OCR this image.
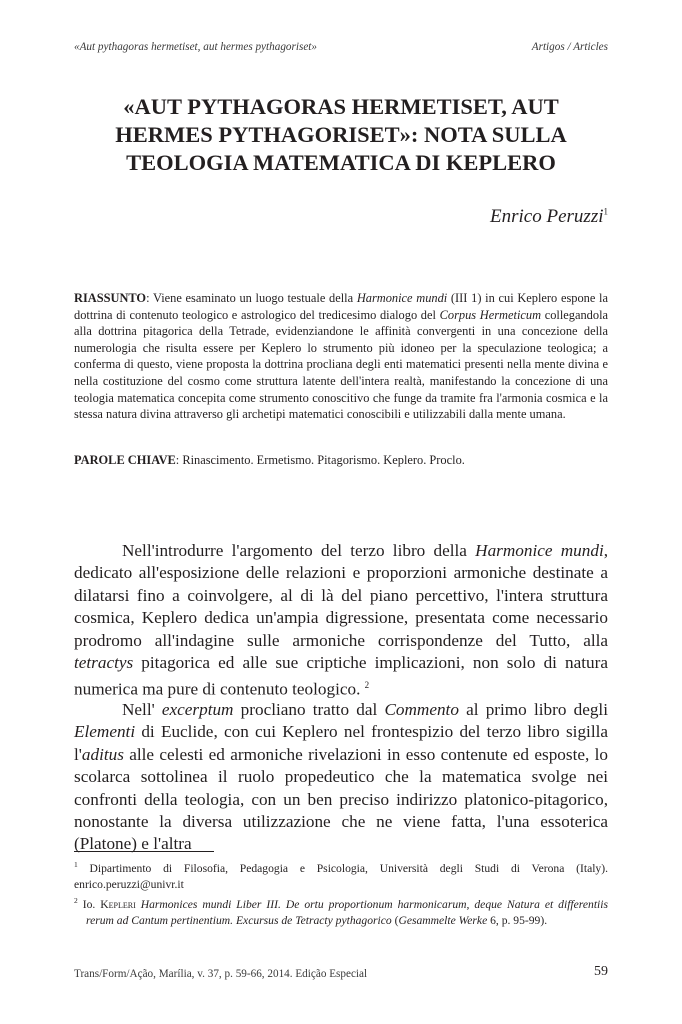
«Aut pythagoras hermetiset, aut hermes pythagoriset»	Artigos / Articles
«AUT PYTHAGORAS HERMETISET, AUT
HERMES PYTHAGORISET»: NOTA SULLA
TEOLOGIA MATEMATICA DI KEPLERO
Enrico Peruzzi$^1$

RIASSUNTO: Viene esaminato un luogo testuale della Harmonice mundi (III 1) in cui Keplero espone la dottrina di contenuto teologico e astrologico del tredicesimo dialogo del Corpus Hermeticum collegandola alla dottrina pitagorica della Tetrade, evidenziandone le affinità convergenti in una concezione della numerologia che risulta essere per Keplero lo strumento più idoneo per la speculazione teologica; a conferma di questo, viene proposta la dottrina procliana degli enti matematici presenti nella mente divina e nella costituzione del cosmo come struttura latente dell'intera realtà, manifestando la concezione di una teologia matematica concepita come strumento conoscitivo che funge da tramite fra l'armonia cosmica e la stessa natura divina attraverso gli archetipi matematici conoscibili e utilizzabili dalla mente umana.

PAROLE CHIAVE: Rinascimento. Ermetismo. Pitagorismo. Keplero. Proclo.

Nell'introdurre l'argomento del terzo libro della Harmonice mundi, dedicato all'esposizione delle relazioni e proporzioni armoniche destinate a dilatarsi fino a coinvolgere, al di là del piano percettivo, l'intera struttura cosmica, Keplero dedica un'ampia digressione, presentata come necessario prodromo all'indagine sulle armoniche corrispondenze del Tutto, alla tetractys pitagorica ed alle sue criptiche implicazioni, non solo di natura numerica ma pure di contenuto teologico. $^2$

Nell' excerptum procliano tratto dal Commento al primo libro degli Elementi di Euclide, con cui Keplero nel frontespizio del terzo libro sigilla l'aditus alle celesti ed armoniche rivelazioni in esso contenute ed esposte, lo scolarca sottolinea il ruolo propedeutico che la matematica svolge nei confronti della teologia, con un ben preciso indirizzo platonico-pitagorico, nonostante la diversa utilizzazione che ne viene fatta, l'una essoterica (Platone) e l'altra

$^1$ Dipartimento di Filosofia, Pedagogia e Psicologia, Università degli Studi di Verona (Italy). enrico.peruzzi@univr.it

$^2$ Io. Kepleri Harmonices mundi Liber III. De ortu proportionum harmonicarum, deque Natura et differentiis rerum ad Cantum pertinentium. Excursus de Tetracty pythagorico (Gesammelte Werke 6, p. 95-99).

Trans/Form/Ação, Marília, v. 37, p. 59-66, 2014. Edição Especial	59
